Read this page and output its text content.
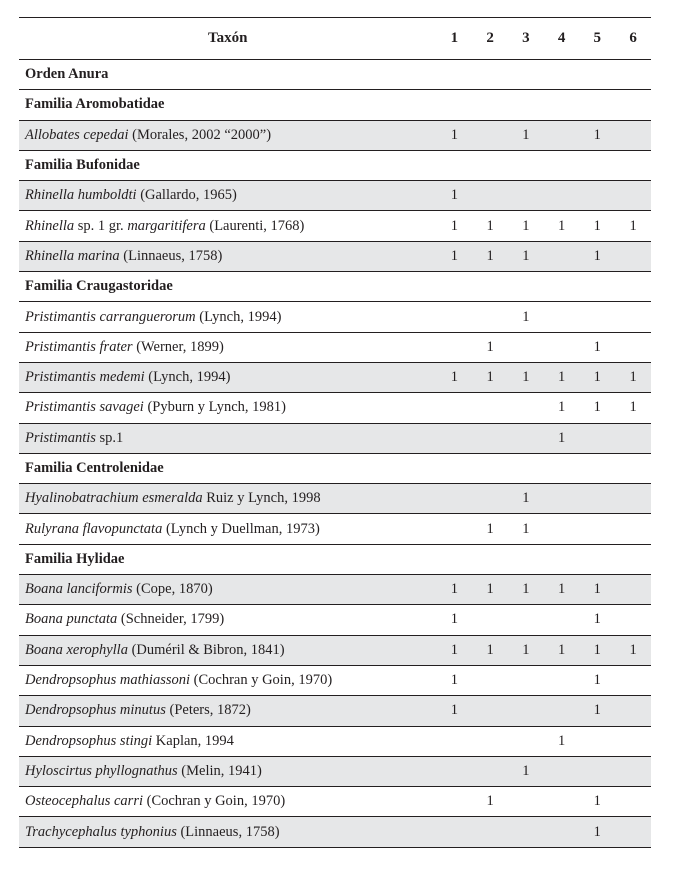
Taxón	1	2	3	4	5	6
Orden Anura						
Familia Aromobatidae						
Allobates cepedai (Morales, 2002 “2000”)	1		1		1	
Familia Bufonidae						
Rhinella humboldti (Gallardo, 1965)	1					
Rhinella sp. 1 gr. margaritifera (Laurenti, 1768)	1	1	1	1	1	1
Rhinella marina (Linnaeus, 1758)	1	1	1		1	
Familia Craugastoridae						
Pristimantis carranguerorum (Lynch, 1994)			1			
Pristimantis frater (Werner, 1899)		1			1	
Pristimantis medemi (Lynch, 1994)	1	1	1	1	1	1
Pristimantis savagei (Pyburn y Lynch, 1981)				1	1	1
Pristimantis sp.1				1		
Familia Centrolenidae						
Hyalinobatrachium esmeralda Ruiz y Lynch, 1998			1			
Rulyrana flavopunctata (Lynch y Duellman, 1973)		1	1			
Familia Hylidae						
Boana lanciformis (Cope, 1870)	1	1	1	1	1	
Boana punctata (Schneider, 1799)	1				1	
Boana xerophylla (Duméril & Bibron, 1841)	1	1	1	1	1	1
Dendropsophus mathiassoni (Cochran y Goin, 1970)	1				1	
Dendropsophus minutus (Peters, 1872)	1				1	
Dendropsophus stingi Kaplan, 1994				1		
Hyloscirtus phyllognathus (Melin, 1941)			1			
Osteocephalus carri (Cochran y Goin, 1970)		1			1	
Trachycephalus typhonius (Linnaeus, 1758)					1	
